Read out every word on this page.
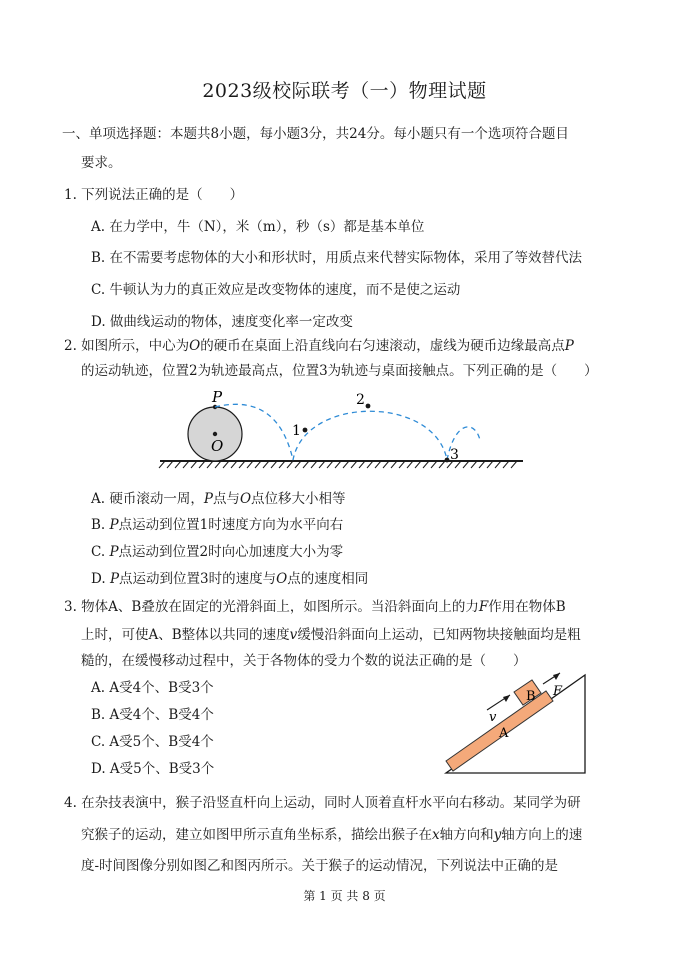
2023级校际联考（一）物理试题
一、单项选择题：本题共8小题，每小题3分，共24分。每小题只有一个选项符合题目
要求。
1. 下列说法正确的是（　　）
A. 在力学中，牛（N），米（m），秒（s）都是基本单位
B. 在不需要考虑物体的大小和形状时，用质点来代替实际物体，采用了等效替代法
C. 牛顿认为力的真正效应是改变物体的速度，而不是使之运动
D. 做曲线运动的物体，速度变化率一定改变
2. 如图所示，中心为O的硬币在桌面上沿直线向右匀速滚动，虚线为硬币边缘最高点P
的运动轨迹，位置2为轨迹最高点，位置3为轨迹与桌面接触点。下列正确的是（　　）
P
O
1
2
3
A. 硬币滚动一周，P点与O点位移大小相等
B. P点运动到位置1时速度方向为水平向右
C. P点运动到位置2时向心加速度大小为零
D. P点运动到位置3时的速度与O点的速度相同
3. 物体A、B叠放在固定的光滑斜面上，如图所示。当沿斜面向上的力F作用在物体B
上时，可使A、B整体以共同的速度v缓慢沿斜面向上运动，已知两物块接触面均是粗
糙的，在缓慢移动过程中，关于各物体的受力个数的说法正确的是（　　）
A. A受4个、B受3个
B. A受4个、B受4个
C. A受5个、B受4个
D. A受5个、B受3个
B
A
F
v
4. 在杂技表演中，猴子沿竖直杆向上运动，同时人顶着直杆水平向右移动。某同学为研
究猴子的运动，建立如图甲所示直角坐标系，描绘出猴子在x轴方向和y轴方向上的速
度-时间图像分别如图乙和图丙所示。关于猴子的运动情况，下列说法中正确的是
第 1 页 共 8 页
